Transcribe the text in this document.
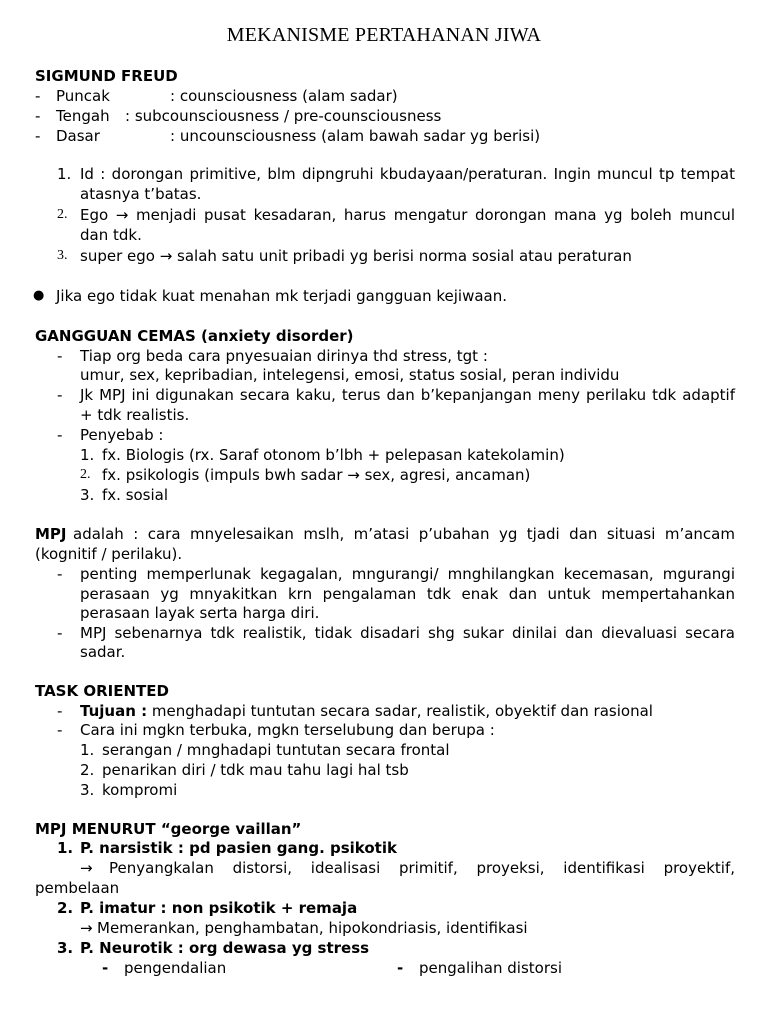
MEKANISME PERTAHANAN JIWA
SIGMUND FREUD
- Puncak	: counsciousness (alam sadar)
- Tengah : subcounsciousness / pre-counsciousness
- Dasar	: uncounsciousness (alam bawah sadar yg berisi)
1. Id : dorongan primitive, blm dipngruhi kbudayaan/peraturan. Ingin muncul tp tempat
atasnya t’batas.
2. Ego → menjadi pusat kesadaran, harus mengatur dorongan mana yg boleh muncul
dan tdk.
3. super ego → salah satu unit pribadi yg berisi norma sosial atau peraturan
● Jika ego tidak kuat menahan mk terjadi gangguan kejiwaan.
GANGGUAN CEMAS (anxiety disorder)
- Tiap org beda cara pnyesuaian dirinya thd stress, tgt :
umur, sex, kepribadian, intelegensi, emosi, status sosial, peran individu
- Jk MPJ ini digunakan secara kaku, terus dan b’kepanjangan meny perilaku tdk adaptif
+ tdk realistis.
- Penyebab :
1. fx. Biologis (rx. Saraf otonom b’lbh + pelepasan katekolamin)
2. fx. psikologis (impuls bwh sadar → sex, agresi, ancaman)
3. fx. sosial
MPJ adalah : cara mnyelesaikan mslh, m’atasi p’ubahan yg tjadi dan situasi m’ancam
(kognitif / perilaku).
- penting memperlunak kegagalan, mngurangi/ mnghilangkan kecemasan, mgurangi
perasaan yg mnyakitkan krn pengalaman tdk enak dan untuk mempertahankan
perasaan layak serta harga diri.
- MPJ sebenarnya tdk realistik, tidak disadari shg sukar dinilai dan dievaluasi secara
sadar.
TASK ORIENTED
- Tujuan : menghadapi tuntutan secara sadar, realistik, obyektif dan rasional
- Cara ini mgkn terbuka, mgkn terselubung dan berupa :
1. serangan / mnghadapi tuntutan secara frontal
2. penarikan diri / tdk mau tahu lagi hal tsb
3. kompromi
MPJ MENURUT “george vaillan”
1. P. narsistik : pd pasien gang. psikotik
→ Penyangkalan distorsi, idealisasi primitif, proyeksi, identifikasi proyektif,
pembelaan
2. P. imatur : non psikotik + remaja
→ Memerankan, penghambatan, hipokondriasis, identifikasi
3. P. Neurotik : org dewasa yg stress
- pengendalian	- pengalihan distorsi
